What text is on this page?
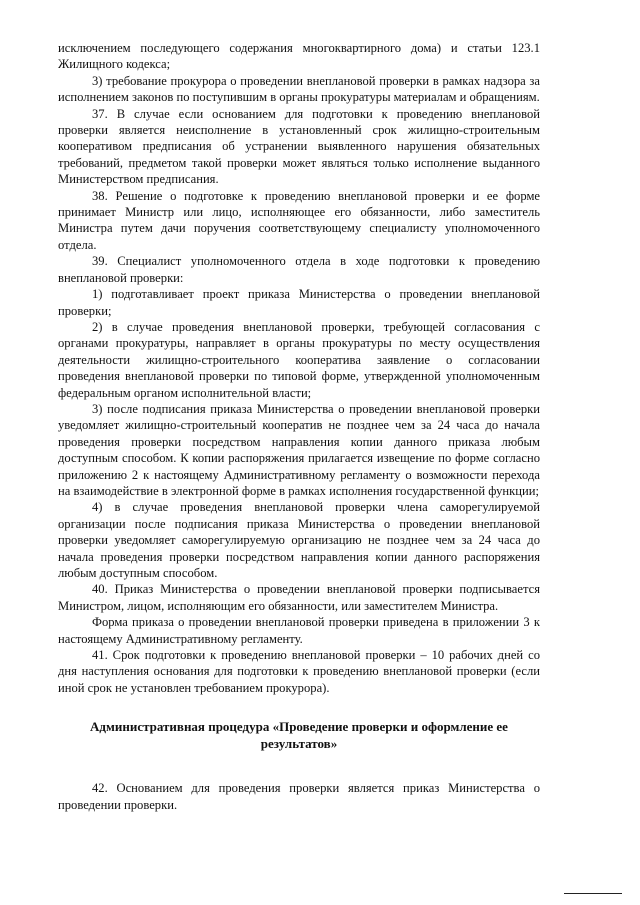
исключением последующего содержания многоквартирного дома) и статьи 123.1 Жилищного кодекса;

3) требование прокурора о проведении внеплановой проверки в рамках надзора за исполнением законов по поступившим в органы прокуратуры материалам и обращениям.

37. В случае если основанием для подготовки к проведению внеплановой проверки является неисполнение в установленный срок жилищно-строительным кооперативом предписания об устранении выявленного нарушения обязательных требований, предметом такой проверки может являться только исполнение выданного Министерством предписания.

38. Решение о подготовке к проведению внеплановой проверки и ее форме принимает Министр или лицо, исполняющее его обязанности, либо заместитель Министра путем дачи поручения соответствующему специалисту уполномоченного отдела.

39. Специалист уполномоченного отдела в ходе подготовки к проведению внеплановой проверки:

1) подготавливает проект приказа Министерства о проведении внеплановой проверки;

2) в случае проведения внеплановой проверки, требующей согласования с органами прокуратуры, направляет в органы прокуратуры по месту осуществления деятельности жилищно-строительного кооператива заявление о согласовании проведения внеплановой проверки по типовой форме, утвержденной уполномоченным федеральным органом исполнительной власти;

3) после подписания приказа Министерства о проведении внеплановой проверки уведомляет жилищно-строительный кооператив не позднее чем за 24 часа до начала проведения проверки посредством направления копии данного приказа любым доступным способом. К копии распоряжения прилагается извещение по форме согласно приложению 2 к настоящему Административному регламенту о возможности перехода на взаимодействие в электронной форме в рамках исполнения государственной функции;

4) в случае проведения внеплановой проверки члена саморегулируемой организации после подписания приказа Министерства о проведении внеплановой проверки уведомляет саморегулируемую организацию не позднее чем за 24 часа до начала проведения проверки посредством направления копии данного распоряжения любым доступным способом.

40. Приказ Министерства о проведении внеплановой проверки подписывается Министром, лицом, исполняющим его обязанности, или заместителем Министра.

Форма приказа о проведении внеплановой проверки приведена в приложении 3 к настоящему Административному регламенту.

41. Срок подготовки к проведению внеплановой проверки – 10 рабочих дней со дня наступления основания для подготовки к проведению внеплановой проверки (если иной срок не установлен требованием прокурора).

Административная процедура «Проведение проверки и оформление ее результатов»

42. Основанием для проведения проверки является приказ Министерства о проведении проверки.
